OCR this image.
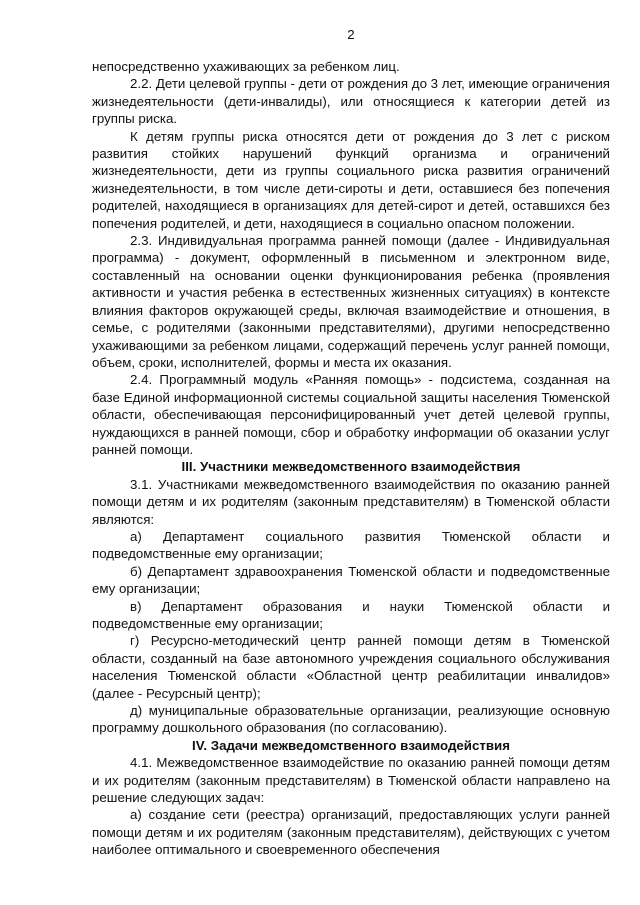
2

непосредственно ухаживающих за ребенком лиц.

2.2. Дети целевой группы - дети от рождения до 3 лет, имеющие ограничения жизнедеятельности (дети-инвалиды), или относящиеся к категории детей из группы риска.

К детям группы риска относятся дети от рождения до 3 лет с риском развития стойких нарушений функций организма и ограничений жизнедеятельности, дети из группы социального риска развития ограничений жизнедеятельности, в том числе дети-сироты и дети, оставшиеся без попечения родителей, находящиеся в организациях для детей-сирот и детей, оставшихся без попечения родителей, и дети, находящиеся в социально опасном положении.

2.3. Индивидуальная программа ранней помощи (далее - Индивидуальная программа) - документ, оформленный в письменном и электронном виде, составленный на основании оценки функционирования ребенка (проявления активности и участия ребенка в естественных жизненных ситуациях) в контексте влияния факторов окружающей среды, включая взаимодействие и отношения, в семье, с родителями (законными представителями), другими непосредственно ухаживающими за ребенком лицами, содержащий перечень услуг ранней помощи, объем, сроки, исполнителей, формы и места их оказания.

2.4. Программный модуль «Ранняя помощь» - подсистема, созданная на базе Единой информационной системы социальной защиты населения Тюменской области, обеспечивающая персонифицированный учет детей целевой группы, нуждающихся в ранней помощи, сбор и обработку информации об оказании услуг ранней помощи.

III. Участники межведомственного взаимодействия

3.1. Участниками межведомственного взаимодействия по оказанию ранней помощи детям и их родителям (законным представителям) в Тюменской области являются:

а) Департамент социального развития Тюменской области и подведомственные ему организации;

б) Департамент здравоохранения Тюменской области и подведомственные ему организации;

в) Департамент образования и науки Тюменской области и подведомственные ему организации;

г) Ресурсно-методический центр ранней помощи детям в Тюменской области, созданный на базе автономного учреждения социального обслуживания населения Тюменской области «Областной центр реабилитации инвалидов» (далее - Ресурсный центр);

д) муниципальные образовательные организации, реализующие основную программу дошкольного образования (по согласованию).

IV. Задачи межведомственного взаимодействия

4.1. Межведомственное взаимодействие по оказанию ранней помощи детям и их родителям (законным представителям) в Тюменской области направлено на решение следующих задач:

а) создание сети (реестра) организаций, предоставляющих услуги ранней помощи детям и их родителям (законным представителям), действующих с учетом наиболее оптимального и своевременного обеспечения
